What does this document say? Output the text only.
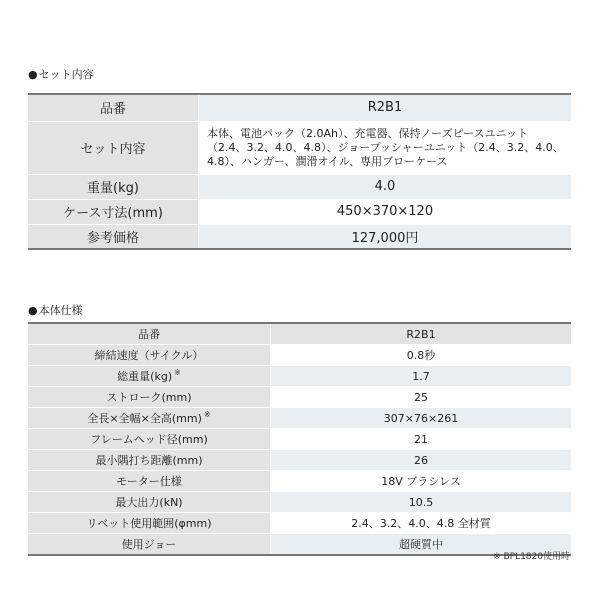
●セット内容
品番	R2B1
セット内容	本体、電池パック（2.0Ah）、充電器、保持ノーズピースユニット（2.4、3.2、4.0、4.8）、ジョープッシャーユニット（2.4、3.2、4.0、4.8）、ハンガー、潤滑オイル、専用ブローケース
重量(kg)	4.0
ケース寸法(mm)	450×370×120
参考価格	127,000円
●本体仕様
品番	R2B1
締結速度（サイクル）	0.8秒
総重量(kg) ※	1.7
ストローク(mm)	25
全長×全幅×全高(mm) ※	307×76×261
フレームヘッド径(mm)	21
最小隅打ち距離(mm)	26
モーター仕様	18V ブラシレス
最大出力(kN)	10.5
リベット使用範囲(φmm)	2.4、3.2、4.0、4.8 全材質
使用ジョー	超硬質中
※ BPL1820使用時
